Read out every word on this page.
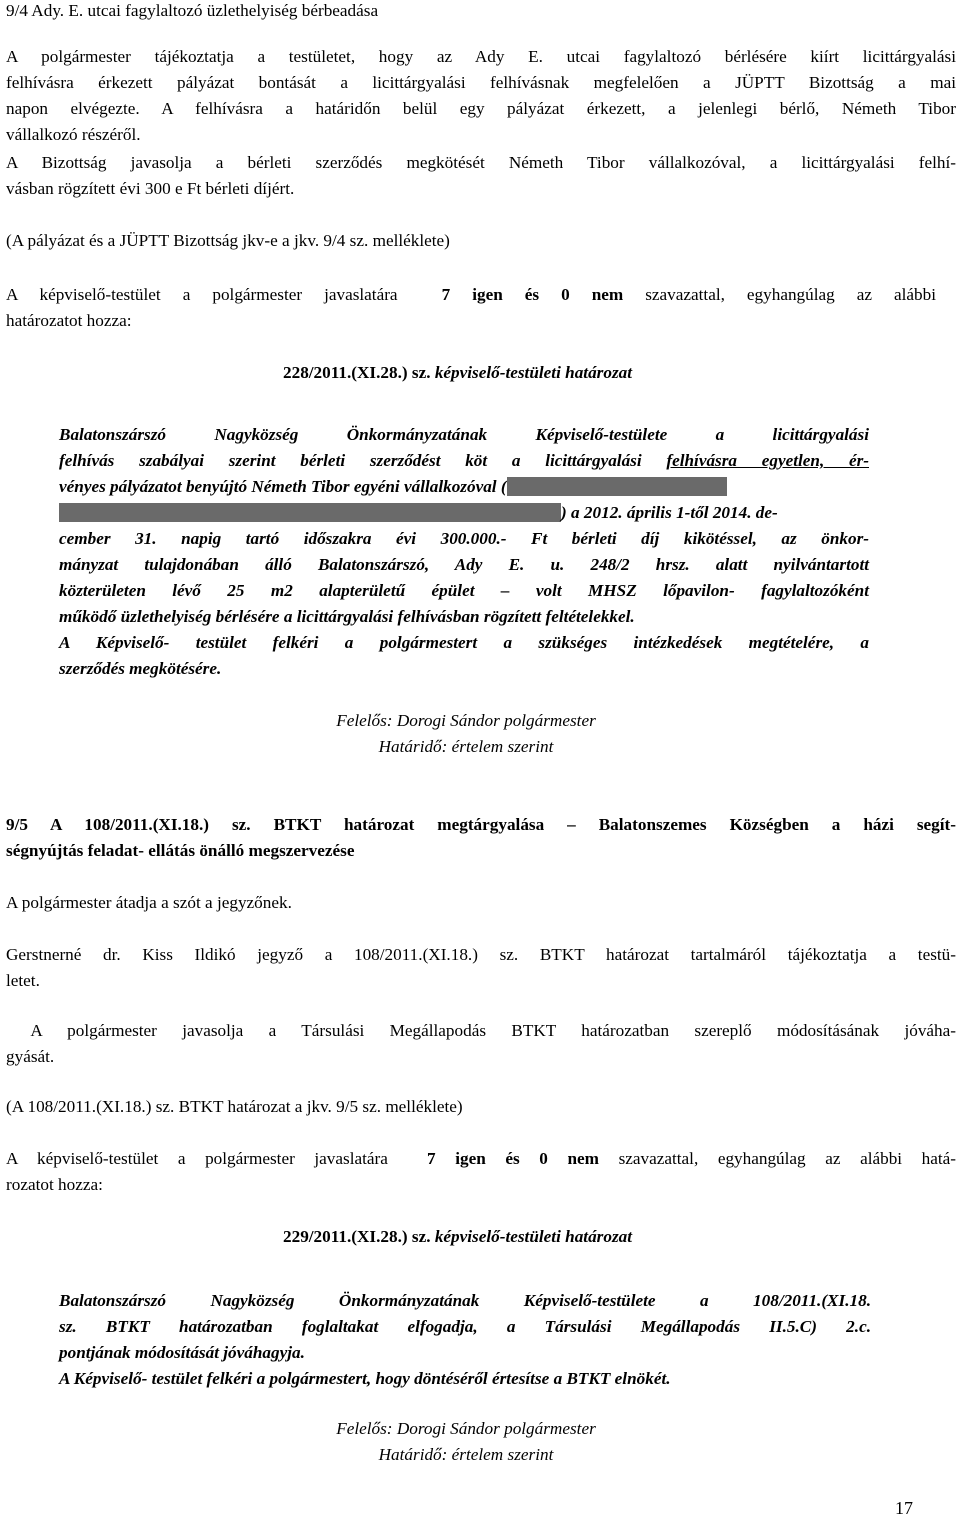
9/4 Ady. E. utcai fagylaltozó üzlethelyiség bérbeadása
A polgármester tájékoztatja a testületet, hogy az Ady E. utcai fagylaltozó bérlésére kiírt licittárgyalási
felhívásra érkezett pályázat bontását a licittárgyalási felhívásnak megfelelően a JÜPTT Bizottság a mai
napon elvégezte. A felhívásra a határidőn belül egy pályázat érkezett, a jelenlegi bérlő, Németh Tibor
vállalkozó részéről.
A Bizottság javasolja a bérleti szerződés megkötését Németh Tibor vállalkozóval, a licittárgyalási felhí-
vásban rögzített évi 300 e Ft bérleti díjért.
(A pályázat és a JÜPTT Bizottság jkv-e a jkv. 9/4 sz. melléklete)
A képviselő-testület a polgármester javaslatára	7 igen és 0 nem szavazattal, egyhangúlag az alábbi
határozatot hozza:
228/2011.(XI.28.) sz. képviselő-testületi határozat
Balatonszárszó Nagyközség Önkormányzatának Képviselő-testülete a licittárgyalási
felhívás szabályai szerint bérleti szerződést köt a licittárgyalási felhívásra egyetlen, ér-
vényes pályázatot benyújtó Németh Tibor egyéni vállalkozóval (
) a 2012. április 1-től 2014. de-
cember 31. napig tartó időszakra évi 300.000.- Ft bérleti díj kikötéssel, az önkor-
mányzat tulajdonában álló Balatonszárszó, Ady E. u. 248/2 hrsz. alatt nyilvántartott
közterületen lévő 25 m2 alapterületű épület – volt MHSZ lőpavilon- fagylaltozóként
működő üzlethelyiség bérlésére a licittárgyalási felhívásban rögzített feltételekkel.
A Képviselő- testület felkéri a polgármestert a szükséges intézkedések megtételére, a
szerződés megkötésére.
Felelős: Dorogi Sándor polgármester
Határidő: értelem szerint
9/5 A 108/2011.(XI.18.) sz. BTKT határozat megtárgyalása – Balatonszemes Községben a házi segít-
ségnyújtás feladat- ellátás önálló megszervezése
A polgármester átadja a szót a jegyzőnek.
Gerstnerné dr. Kiss Ildikó jegyző a 108/2011.(XI.18.) sz. BTKT határozat tartalmáról tájékoztatja a testü-
letet.
A polgármester javasolja a Társulási Megállapodás BTKT határozatban szereplő módosításának jóváha-
gyását.
(A 108/2011.(XI.18.) sz. BTKT határozat a jkv. 9/5 sz. melléklete)
A képviselő-testület a polgármester javaslatára 7 igen és 0 nem szavazattal, egyhangúlag az alábbi hatá-
rozatot hozza:
229/2011.(XI.28.) sz. képviselő-testületi határozat
Balatonszárszó Nagyközség Önkormányzatának Képviselő-testülete a 108/2011.(XI.18.
sz. BTKT határozatban foglaltakat elfogadja, a Társulási Megállapodás II.5.C) 2.c.
pontjának módosítását jóváhagyja.
A Képviselő- testület felkéri a polgármestert, hogy döntéséről értesítse a BTKT elnökét.
Felelős: Dorogi Sándor polgármester
Határidő: értelem szerint
17
